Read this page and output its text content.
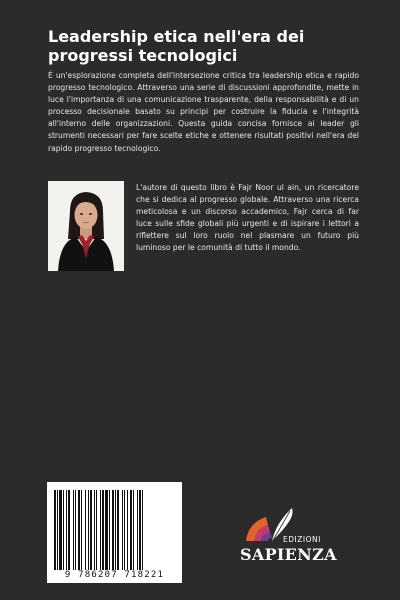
Leadership etica nell'era dei progressi tecnologici

È un'esplorazione completa dell'intersezione critica tra leadership etica e rapido progresso tecnologico. Attraverso una serie di discussioni approfondite, mette in luce l'importanza di una comunicazione trasparente, della responsabilità e di un processo decisionale basato su principi per costruire la fiducia e l'integrità all'interno delle organizzazioni. Questa guida concisa fornisce ai leader gli strumenti necessari per fare scelte etiche e ottenere risultati positivi nell'era del rapido progresso tecnologico.

L'autore di questo libro è Fajr Noor ul ain, un ricercatore che si dedica al progresso globale. Attraverso una ricerca meticolosa e un discorso accademico, Fajr cerca di far luce sulle sfide globali più urgenti e di ispirare i lettori a riflettere sul loro ruolo nel plasmare un futuro più luminoso per le comunità di tutto il mondo.

9 786207 718221
EDIZIONI
SAPIENZA
